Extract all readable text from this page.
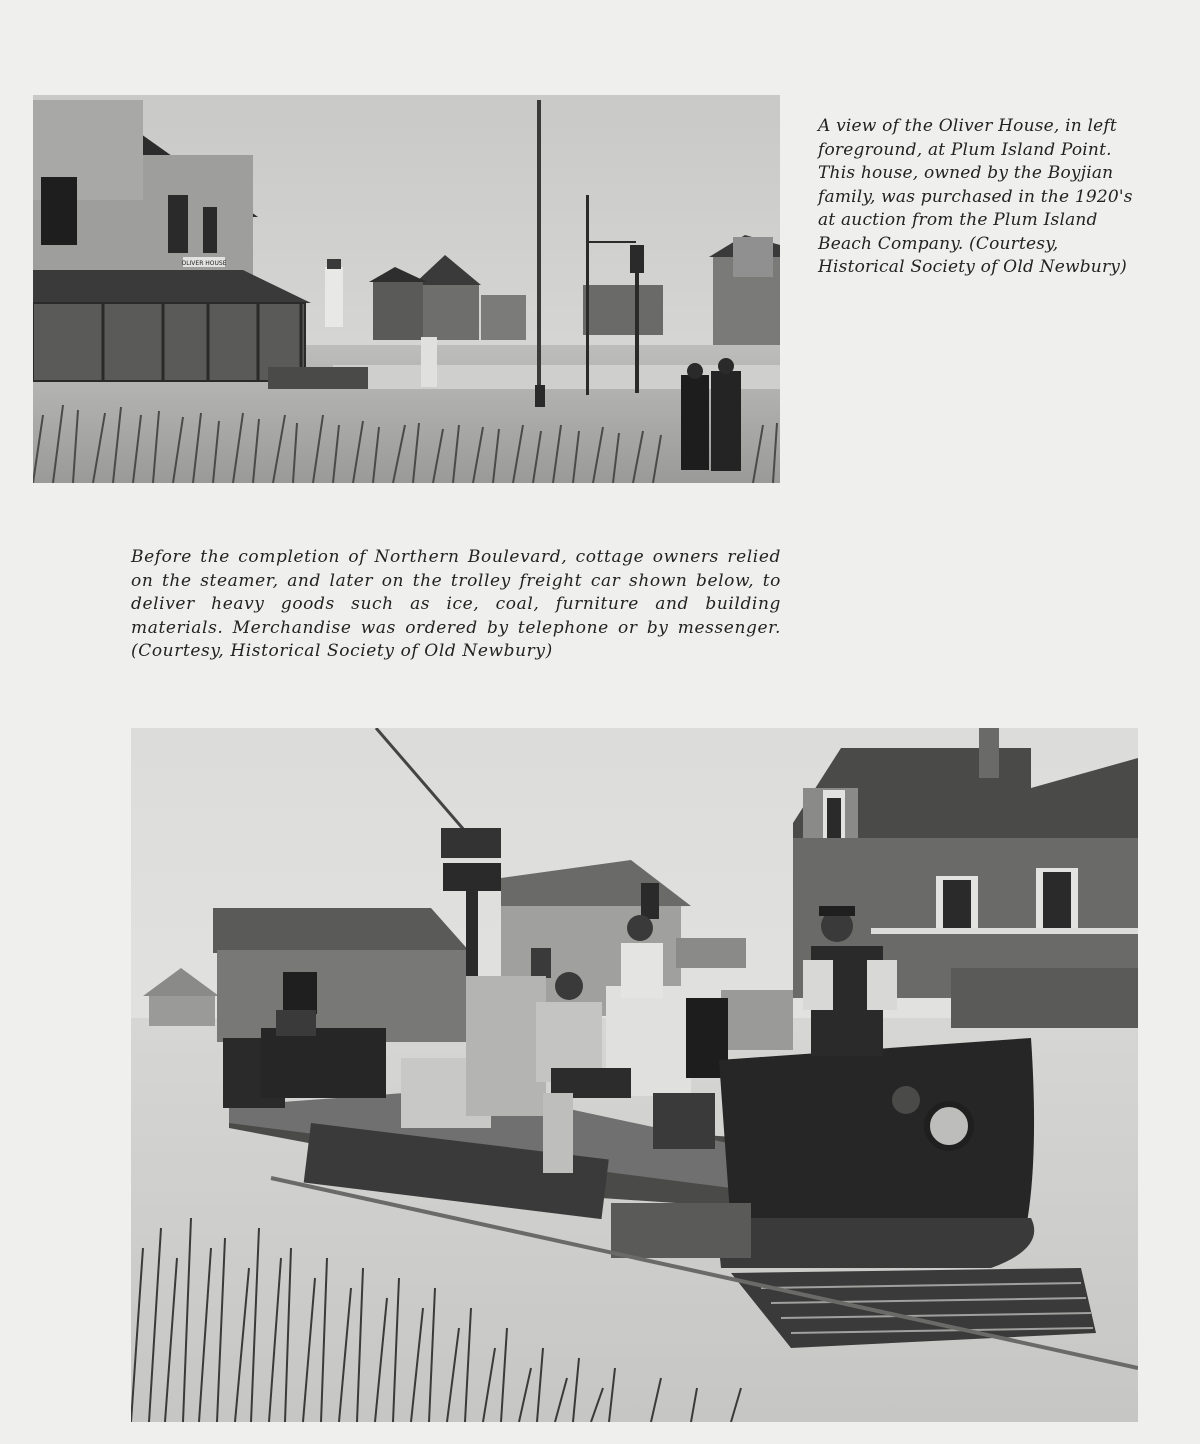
OLIVER HOUSE

A view of the Oliver House, in left foreground, at Plum Island Point. This house, owned by the Boyjian family, was purchased in the 1920's at auction from the Plum Island Beach Company. (Courtesy, Historical Society of Old Newbury)

Before the completion of Northern Boulevard, cottage owners relied on the steamer, and later on the trolley freight car shown below, to deliver heavy goods such as ice, coal, furniture and building materials. Merchandise was ordered by telephone or by messenger. (Courtesy, Historical Society of Old Newbury)
